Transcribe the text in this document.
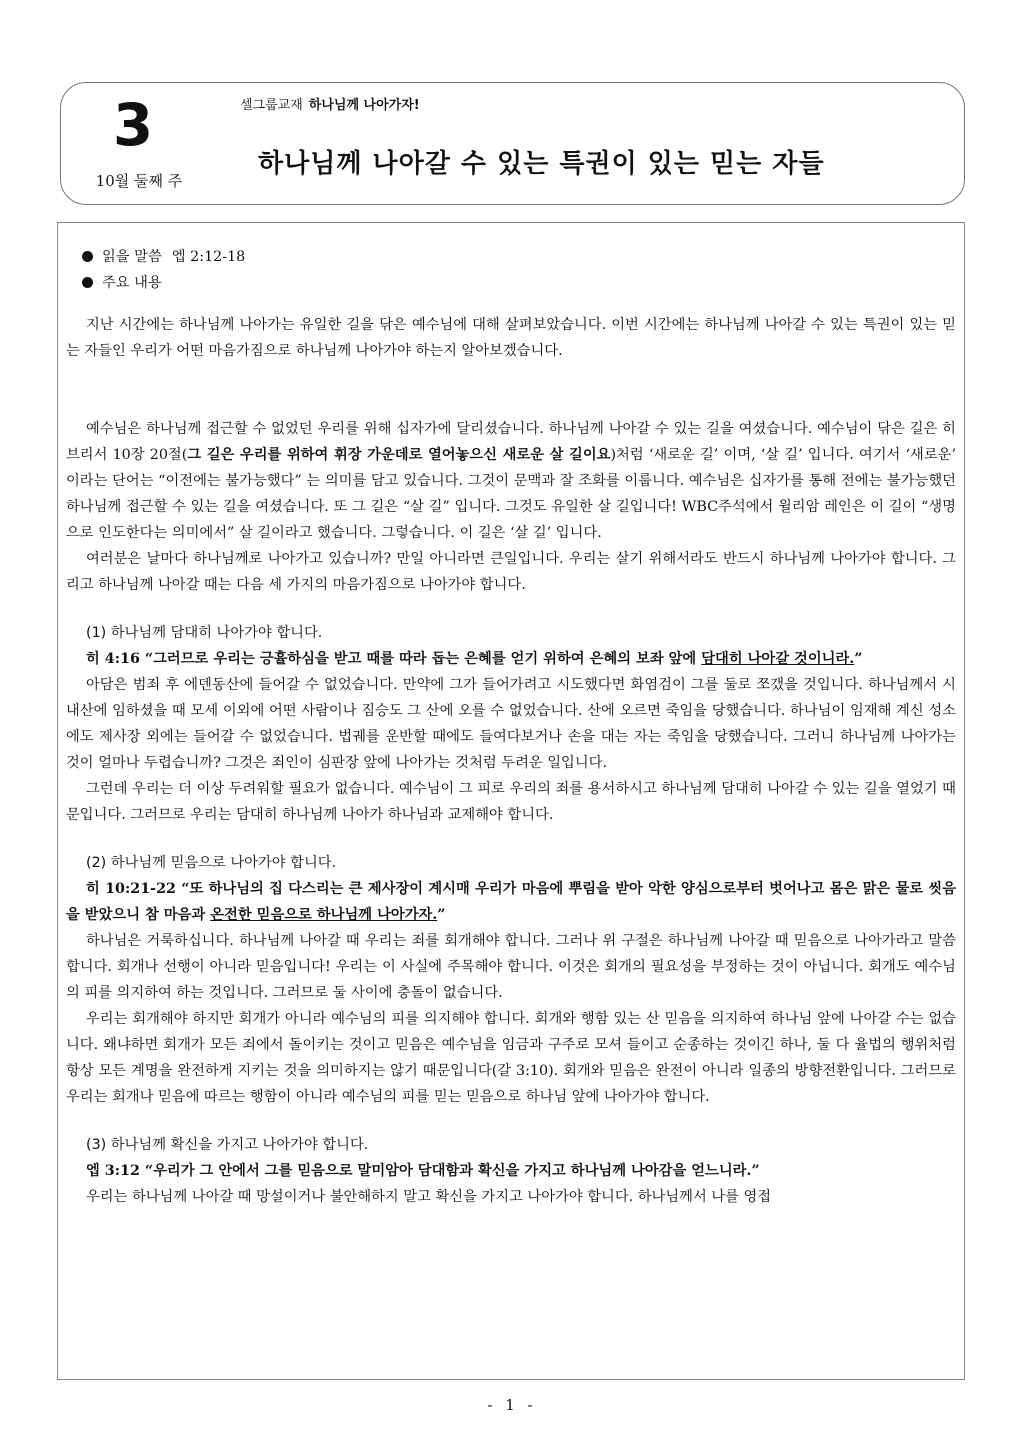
3
10월 둘째 주
셀그룹교재 하나님께 나아가자!
하나님께 나아갈 수 있는 특권이 있는 믿는 자들
읽을 말씀 엡 2:12-18
주요 내용

지난 시간에는 하나님께 나아가는 유일한 길을 닦은 예수님에 대해 살펴보았습니다. 이번 시간에는 하나님께 나아갈 수 있는 특권이 있는 믿는 자들인 우리가 어떤 마음가짐으로 하나님께 나아가야 하는지 알아보겠습니다.

예수님은 하나님께 접근할 수 없었던 우리를 위해 십자가에 달리셨습니다. 하나님께 나아갈 수 있는 길을 여셨습니다. 예수님이 닦은 길은 히브리서 10장 20절(그 길은 우리를 위하여 휘장 가운데로 열어놓으신 새로운 살 길이요)처럼 ‘새로운 길’ 이며, ‘살 길’ 입니다. 여기서 ‘새로운’ 이라는 단어는 “이전에는 불가능했다” 는 의미를 담고 있습니다. 그것이 문맥과 잘 조화를 이룹니다. 예수님은 십자가를 통해 전에는 불가능했던 하나님께 접근할 수 있는 길을 여셨습니다. 또 그 길은 “살 길” 입니다. 그것도 유일한 살 길입니다! WBC주석에서 윌리암 레인은 이 길이 “생명으로 인도한다는 의미에서” 살 길이라고 했습니다. 그렇습니다. 이 길은 ‘살 길’ 입니다.

여러분은 날마다 하나님께로 나아가고 있습니까? 만일 아니라면 큰일입니다. 우리는 살기 위해서라도 반드시 하나님께 나아가야 합니다. 그리고 하나님께 나아갈 때는 다음 세 가지의 마음가짐으로 나아가야 합니다.

(1) 하나님께 담대히 나아가야 합니다.

히 4:16 “그러므로 우리는 긍휼하심을 받고 때를 따라 돕는 은혜를 얻기 위하여 은혜의 보좌 앞에 담대히 나아갈 것이니라.”

아담은 범죄 후 에덴동산에 들어갈 수 없었습니다. 만약에 그가 들어가려고 시도했다면 화염검이 그를 둘로 쪼갰을 것입니다. 하나님께서 시내산에 임하셨을 때 모세 이외에 어떤 사람이나 짐승도 그 산에 오를 수 없었습니다. 산에 오르면 죽임을 당했습니다. 하나님이 임재해 계신 성소에도 제사장 외에는 들어갈 수 없었습니다. 법궤를 운반할 때에도 들여다보거나 손을 대는 자는 죽임을 당했습니다. 그러니 하나님께 나아가는 것이 얼마나 두렵습니까? 그것은 죄인이 심판장 앞에 나아가는 것처럼 두려운 일입니다.

그런데 우리는 더 이상 두려워할 필요가 없습니다. 예수님이 그 피로 우리의 죄를 용서하시고 하나님께 담대히 나아갈 수 있는 길을 열었기 때문입니다. 그러므로 우리는 담대히 하나님께 나아가 하나님과 교제해야 합니다.

(2) 하나님께 믿음으로 나아가야 합니다.

히 10:21-22 “또 하나님의 집 다스리는 큰 제사장이 계시매 우리가 마음에 뿌림을 받아 악한 양심으로부터 벗어나고 몸은 맑은 물로 씻음을 받았으니 참 마음과 온전한 믿음으로 하나님께 나아가자.”

하나님은 거룩하십니다. 하나님께 나아갈 때 우리는 죄를 회개해야 합니다. 그러나 위 구절은 하나님께 나아갈 때 믿음으로 나아가라고 말씀합니다. 회개나 선행이 아니라 믿음입니다! 우리는 이 사실에 주목해야 합니다. 이것은 회개의 필요성을 부정하는 것이 아닙니다. 회개도 예수님의 피를 의지하여 하는 것입니다. 그러므로 둘 사이에 충돌이 없습니다.

우리는 회개해야 하지만 회개가 아니라 예수님의 피를 의지해야 합니다. 회개와 행함 있는 산 믿음을 의지하여 하나님 앞에 나아갈 수는 없습니다. 왜냐하면 회개가 모든 죄에서 돌이키는 것이고 믿음은 예수님을 임금과 구주로 모셔 들이고 순종하는 것이긴 하나, 둘 다 율법의 행위처럼 항상 모든 계명을 완전하게 지키는 것을 의미하지는 않기 때문입니다(갈 3:10). 회개와 믿음은 완전이 아니라 일종의 방향전환입니다. 그러므로 우리는 회개나 믿음에 따르는 행함이 아니라 예수님의 피를 믿는 믿음으로 하나님 앞에 나아가야 합니다.

(3) 하나님께 확신을 가지고 나아가야 합니다.

엡 3:12 “우리가 그 안에서 그를 믿음으로 말미암아 담대함과 확신을 가지고 하나님께 나아감을 얻느니라.”

우리는 하나님께 나아갈 때 망설이거나 불안해하지 말고 확신을 가지고 나아가야 합니다. 하나님께서 나를 영접

- 1 -
